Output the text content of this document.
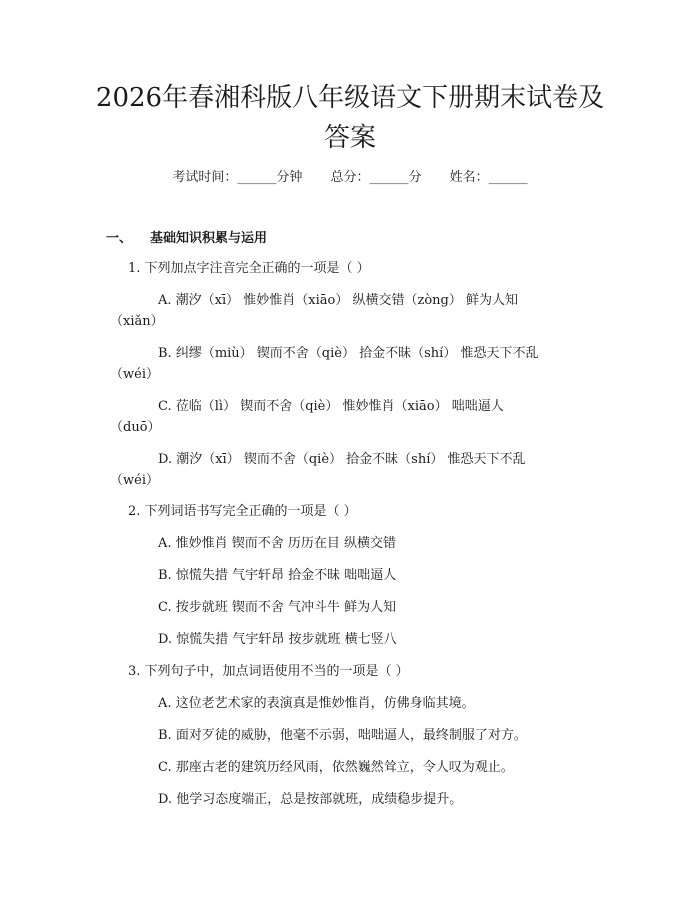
2026年春湘科版八年级语文下册期末试卷及答案
考试时间：______分钟 总分：______分 姓名：______
一、 基础知识积累与运用
1. 下列加点字注音完全正确的一项是（ ）
A. 潮汐（xī） 惟妙惟肖（xiāo） 纵横交错（zòng） 鲜为人知
（xiǎn）
B. 纠缪（miù） 锲而不舍（qiè） 拾金不昧（shí） 惟恐天下不乱
（wéi）
C. 莅临（lì） 锲而不舍（qiè） 惟妙惟肖（xiāo） 咄咄逼人
（duō）
D. 潮汐（xī） 锲而不舍（qiè） 拾金不昧（shí） 惟恐天下不乱
（wéi）
2. 下列词语书写完全正确的一项是（ ）
A. 惟妙惟肖 锲而不舍 历历在目 纵横交错
B. 惊慌失措 气宇轩昂 拾金不昧 咄咄逼人
C. 按步就班 锲而不舍 气冲斗牛 鲜为人知
D. 惊慌失措 气宇轩昂 按步就班 横七竖八
3. 下列句子中，加点词语使用不当的一项是（ ）
A. 这位老艺术家的表演真是惟妙惟肖，仿佛身临其境。
B. 面对歹徒的威胁，他毫不示弱，咄咄逼人，最终制服了对方。
C. 那座古老的建筑历经风雨，依然巍然耸立，令人叹为观止。
D. 他学习态度端正，总是按部就班，成绩稳步提升。
